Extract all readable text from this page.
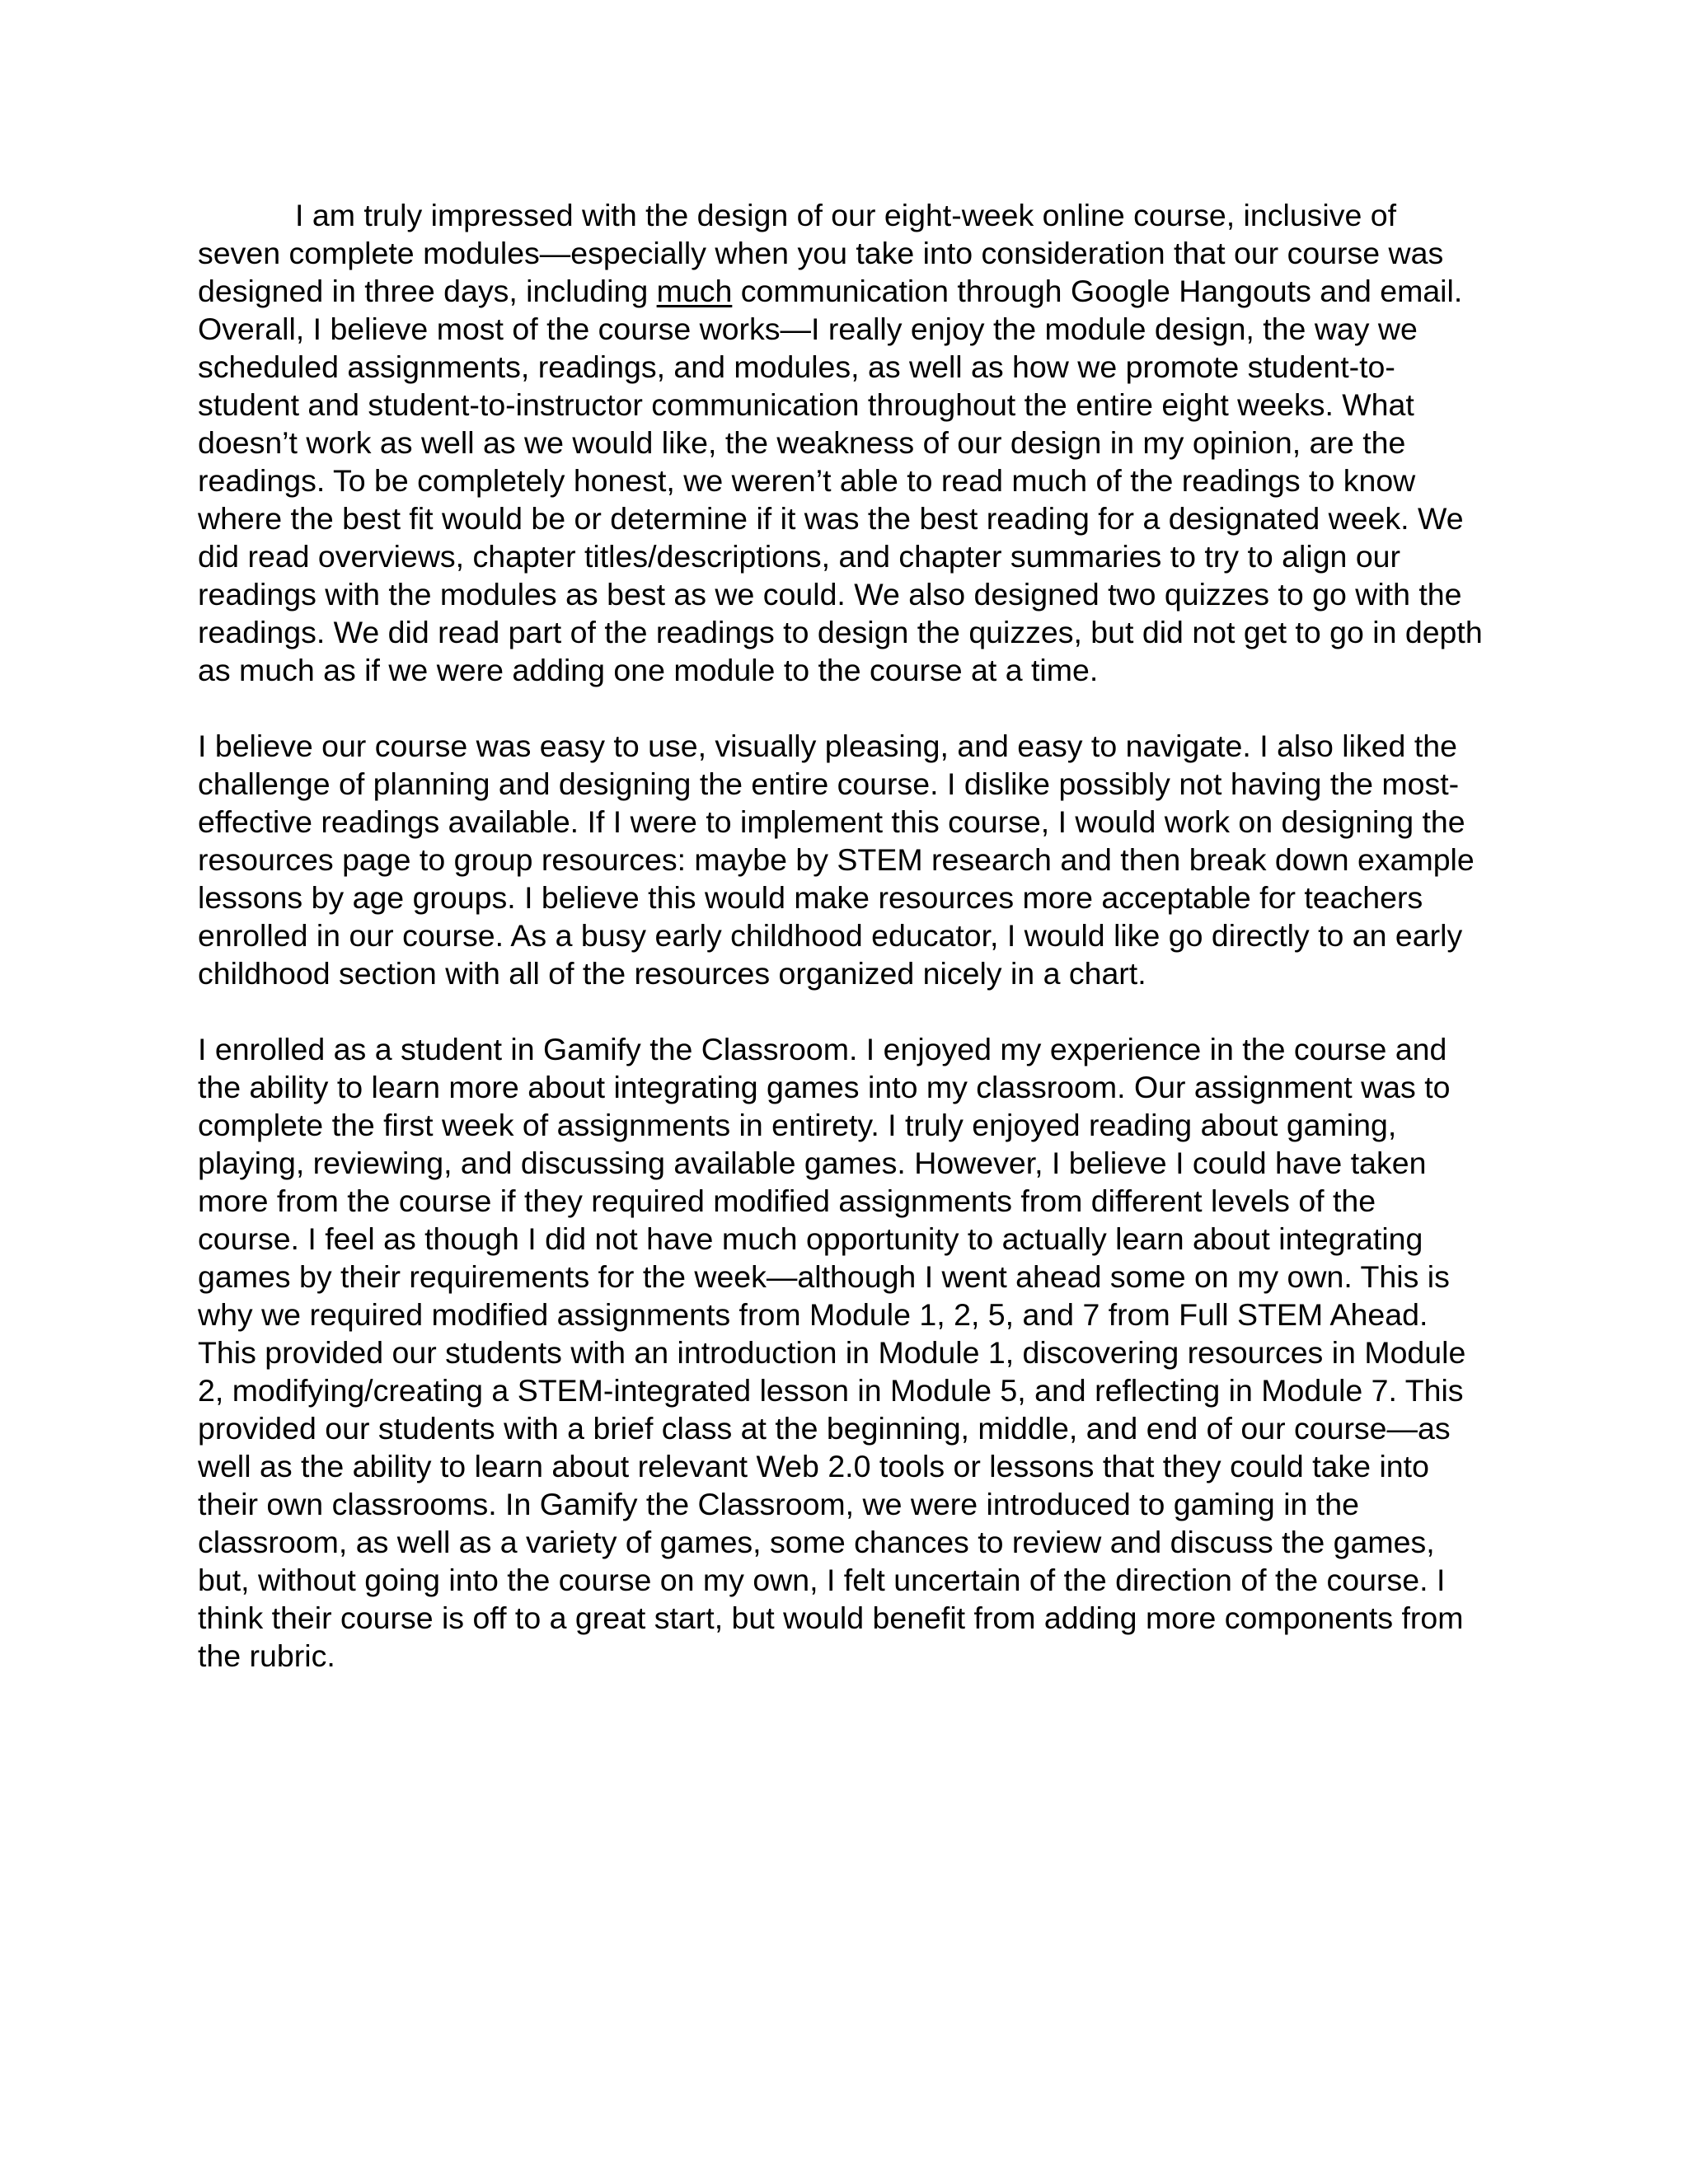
I am truly impressed with the design of our eight-week online course, inclusive of seven complete modules—especially when you take into consideration that our course was designed in three days, including much communication through Google Hangouts and email. Overall, I believe most of the course works—I really enjoy the module design, the way we scheduled assignments, readings, and modules, as well as how we promote student-to-student and student-to-instructor communication throughout the entire eight weeks. What doesn’t work as well as we would like, the weakness of our design in my opinion, are the readings. To be completely honest, we weren’t able to read much of the readings to know where the best fit would be or determine if it was the best reading for a designated week. We did read overviews, chapter titles/descriptions, and chapter summaries to try to align our readings with the modules as best as we could. We also designed two quizzes to go with the readings. We did read part of the readings to design the quizzes, but did not get to go in depth as much as if we were adding one module to the course at a time.

I believe our course was easy to use, visually pleasing, and easy to navigate. I also liked the challenge of planning and designing the entire course. I dislike possibly not having the most-effective readings available. If I were to implement this course, I would work on designing the resources page to group resources: maybe by STEM research and then break down example lessons by age groups. I believe this would make resources more acceptable for teachers enrolled in our course. As a busy early childhood educator, I would like go directly to an early childhood section with all of the resources organized nicely in a chart.

I enrolled as a student in Gamify the Classroom. I enjoyed my experience in the course and the ability to learn more about integrating games into my classroom. Our assignment was to complete the first week of assignments in entirety. I truly enjoyed reading about gaming, playing, reviewing, and discussing available games. However, I believe I could have taken more from the course if they required modified assignments from different levels of the course. I feel as though I did not have much opportunity to actually learn about integrating games by their requirements for the week—although I went ahead some on my own. This is why we required modified assignments from Module 1, 2, 5, and 7 from Full STEM Ahead. This provided our students with an introduction in Module 1, discovering resources in Module 2, modifying/creating a STEM-integrated lesson in Module 5, and reflecting in Module 7. This provided our students with a brief class at the beginning, middle, and end of our course—as well as the ability to learn about relevant Web 2.0 tools or lessons that they could take into their own classrooms. In Gamify the Classroom, we were introduced to gaming in the classroom, as well as a variety of games, some chances to review and discuss the games, but, without going into the course on my own, I felt uncertain of the direction of the course. I think their course is off to a great start, but would benefit from adding more components from the rubric.
